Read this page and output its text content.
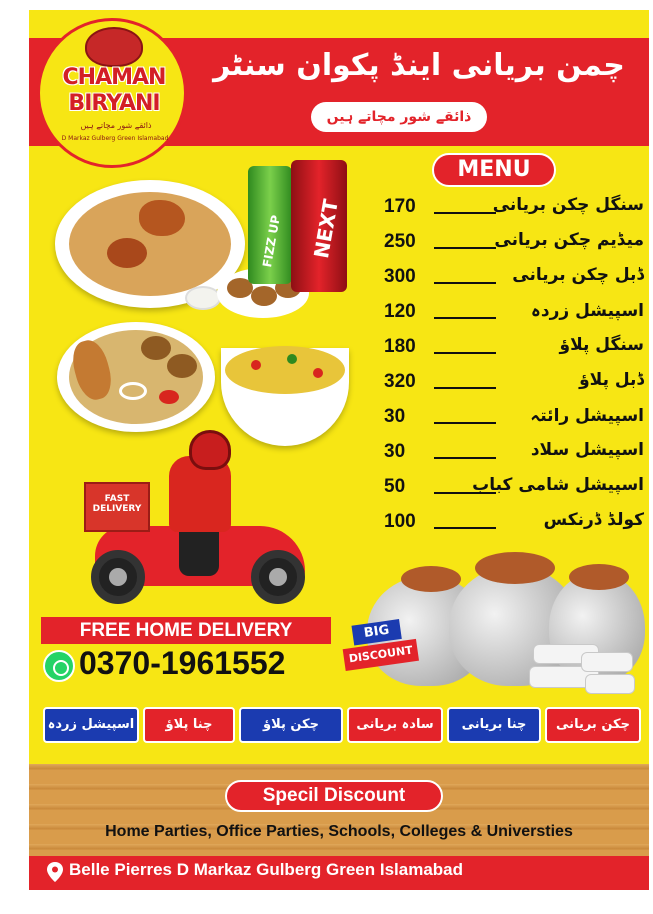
CHAMAN
BIRYANI
ذائقے شور مچاتے ہیں
D Markaz Gulberg Green Islamabad
چمن بریانی اینڈ پکوان سنٹر
ذائقے شور مچاتے ہیں
FIZZ UP NEXT
MENU
170	سنگل چکن بریانی
250	میڈیم چکن بریانی
300	ڈبل چکن بریانی
120	اسپیشل زردہ
180	سنگل پلاؤ
320	ڈبل پلاؤ
30	اسپیشل رائتہ
30	اسپیشل سلاد
50	اسپیشل شامی کباب
100	کولڈ ڈرنکس
FAST
DELIVERY
FREE HOME DELIVERY
0370-1961552
BIG
DISCOUNT
اسپیشل زردہ	چنا پلاؤ	چکن پلاؤ	سادہ بریانی	چنا بریانی	چکن بریانی
Specil Discount
Home Parties, Office Parties, Schools, Colleges & Universties
Belle Pierres D Markaz Gulberg Green Islamabad
